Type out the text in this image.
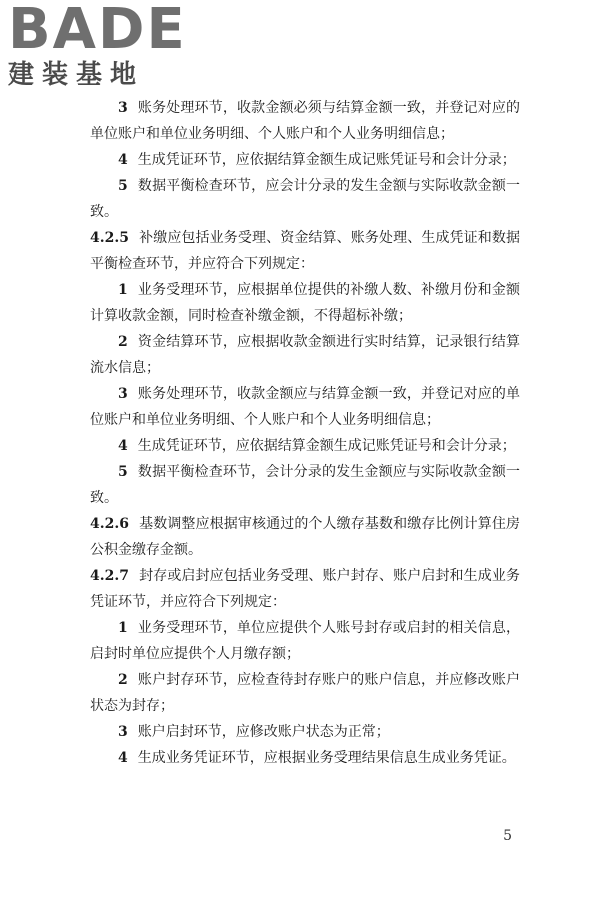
BADE
建装基地

3 账务处理环节，收款金额必须与结算金额一致，并登记对应的单位账户和单位业务明细、个人账户和个人业务明细信息；

4 生成凭证环节，应依据结算金额生成记账凭证号和会计分录；

5 数据平衡检查环节，应会计分录的发生金额与实际收款金额一致。

4.2.5 补缴应包括业务受理、资金结算、账务处理、生成凭证和数据平衡检查环节，并应符合下列规定：

1 业务受理环节，应根据单位提供的补缴人数、补缴月份和金额计算收款金额，同时检查补缴金额，不得超标补缴；

2 资金结算环节，应根据收款金额进行实时结算，记录银行结算流水信息；

3 账务处理环节，收款金额应与结算金额一致，并登记对应的单位账户和单位业务明细、个人账户和个人业务明细信息；

4 生成凭证环节，应依据结算金额生成记账凭证号和会计分录；

5 数据平衡检查环节，会计分录的发生金额应与实际收款金额一致。

4.2.6 基数调整应根据审核通过的个人缴存基数和缴存比例计算住房公积金缴存金额。

4.2.7 封存或启封应包括业务受理、账户封存、账户启封和生成业务凭证环节，并应符合下列规定：

1 业务受理环节，单位应提供个人账号封存或启封的相关信息，启封时单位应提供个人月缴存额；

2 账户封存环节，应检查待封存账户的账户信息，并应修改账户状态为封存；

3 账户启封环节，应修改账户状态为正常；

4 生成业务凭证环节，应根据业务受理结果信息生成业务凭证。

5
